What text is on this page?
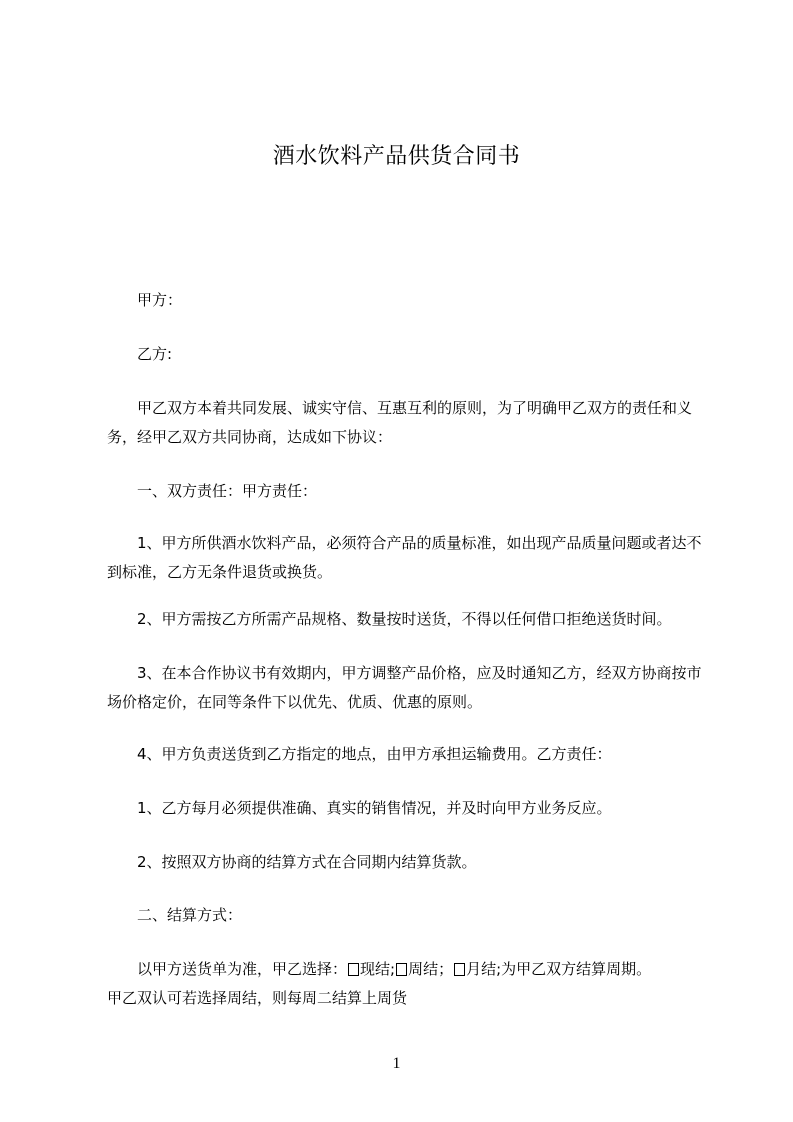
酒水饮料产品供货合同书

甲方：

乙方:

甲乙双方本着共同发展、诚实守信、互惠互利的原则，为了明确甲乙双方的责任和义务，经甲乙双方共同协商，达成如下协议：

一、双方责任：甲方责任：

1、甲方所供酒水饮料产品，必须符合产品的质量标准，如出现产品质量问题或者达不到标准，乙方无条件退货或换货。

2、甲方需按乙方所需产品规格、数量按时送货，不得以任何借口拒绝送货时间。

3、在本合作协议书有效期内，甲方调整产品价格，应及时通知乙方，经双方协商按市场价格定价，在同等条件下以优先、优质、优惠的原则。

4、甲方负责送货到乙方指定的地点，由甲方承担运输费用。乙方责任：

1、乙方每月必须提供准确、真实的销售情况，并及时向甲方业务反应。

2、按照双方协商的结算方式在合同期内结算货款。

二、结算方式：

以甲方送货单为准，甲乙选择： 现结; 周结； 月结;为甲乙双方结算周期。
甲乙双认可若选择周结，则每周二结算上周货

1
